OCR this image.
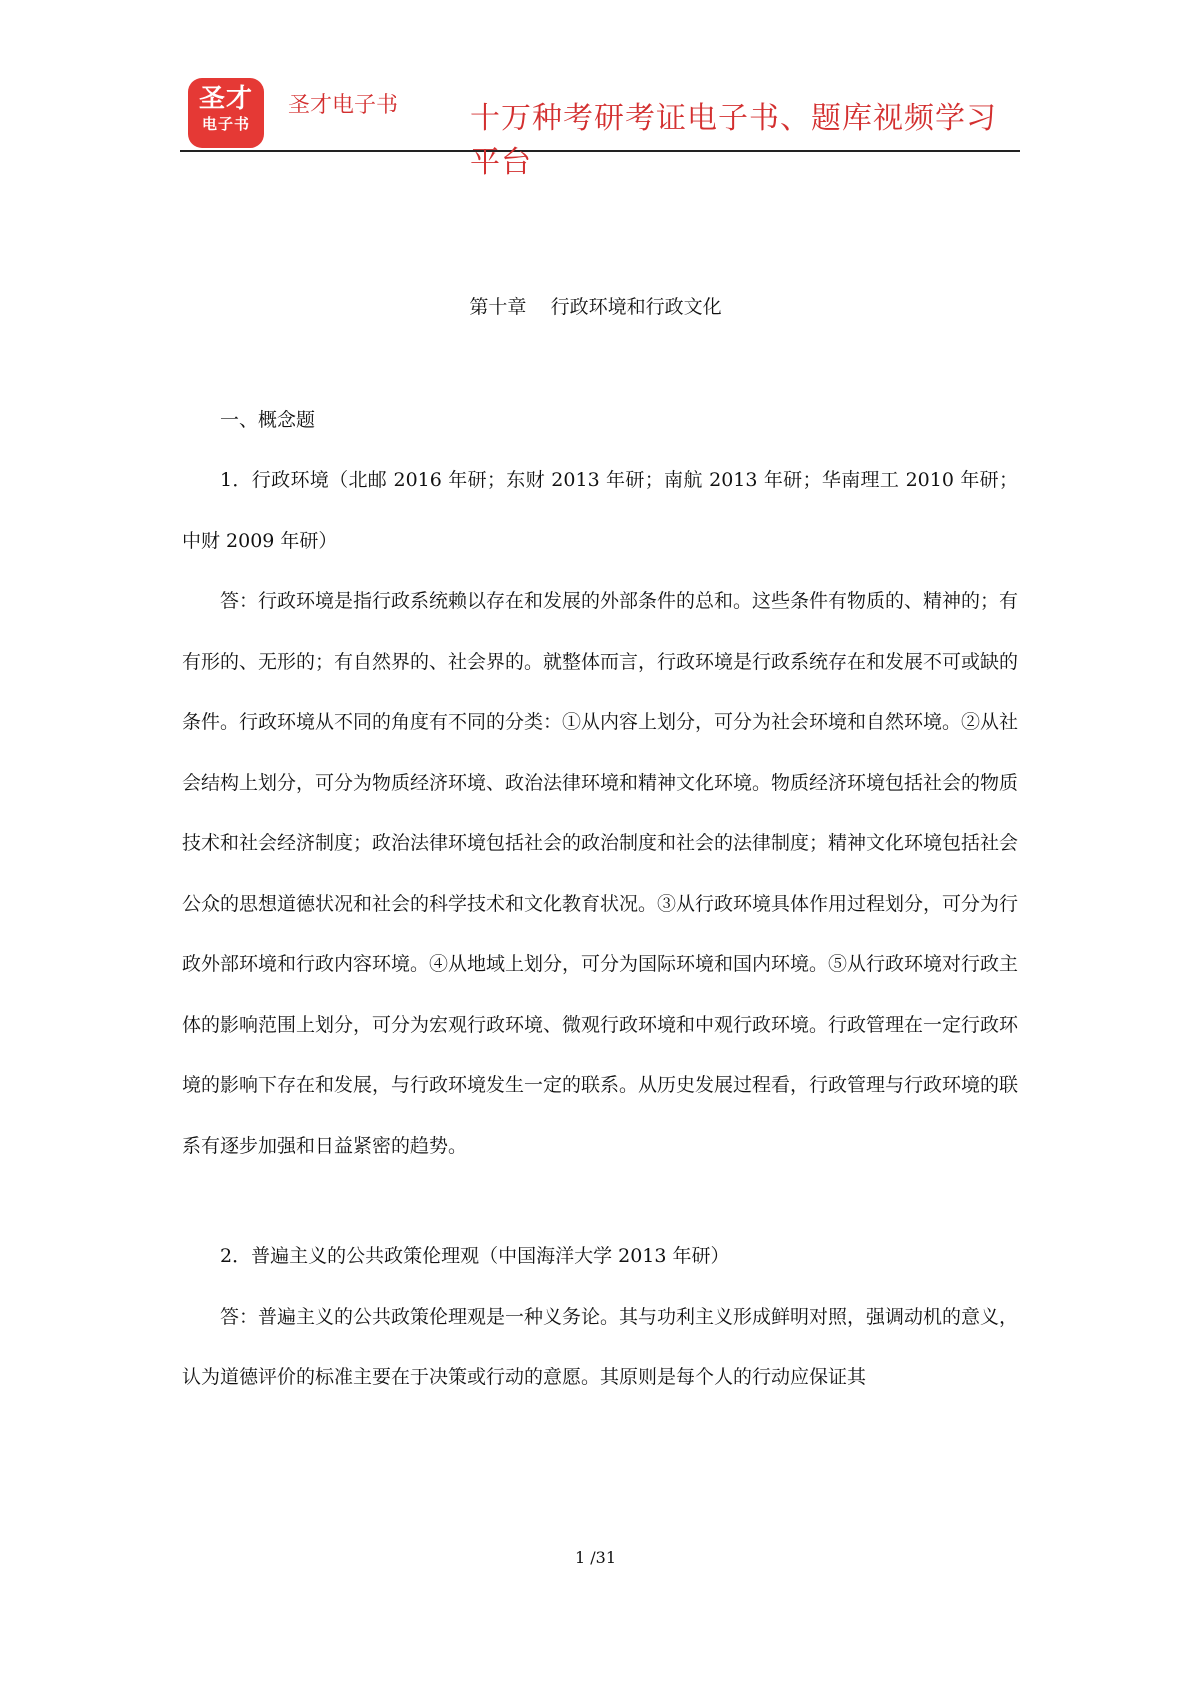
圣才
电子书
圣才电子书 十万种考研考证电子书、题库视频学习平台
第十章    行政环境和行政文化

一、概念题

1．行政环境（北邮 2016 年研；东财 2013 年研；南航 2013 年研；华南理工 2010 年研；中财 2009 年研）

答：行政环境是指行政系统赖以存在和发展的外部条件的总和。这些条件有物质的、精神的；有有形的、无形的；有自然界的、社会界的。就整体而言，行政环境是行政系统存在和发展不可或缺的条件。行政环境从不同的角度有不同的分类：①从内容上划分，可分为社会环境和自然环境。②从社会结构上划分，可分为物质经济环境、政治法律环境和精神文化环境。物质经济环境包括社会的物质技术和社会经济制度；政治法律环境包括社会的政治制度和社会的法律制度；精神文化环境包括社会公众的思想道德状况和社会的科学技术和文化教育状况。③从行政环境具体作用过程划分，可分为行政外部环境和行政内容环境。④从地域上划分，可分为国际环境和国内环境。⑤从行政环境对行政主体的影响范围上划分，可分为宏观行政环境、微观行政环境和中观行政环境。行政管理在一定行政环境的影响下存在和发展，与行政环境发生一定的联系。从历史发展过程看，行政管理与行政环境的联系有逐步加强和日益紧密的趋势。

2．普遍主义的公共政策伦理观（中国海洋大学 2013 年研）

答：普遍主义的公共政策伦理观是一种义务论。其与功利主义形成鲜明对照，强调动机的意义，认为道德评价的标准主要在于决策或行动的意愿。其原则是每个人的行动应保证其

1 /31
